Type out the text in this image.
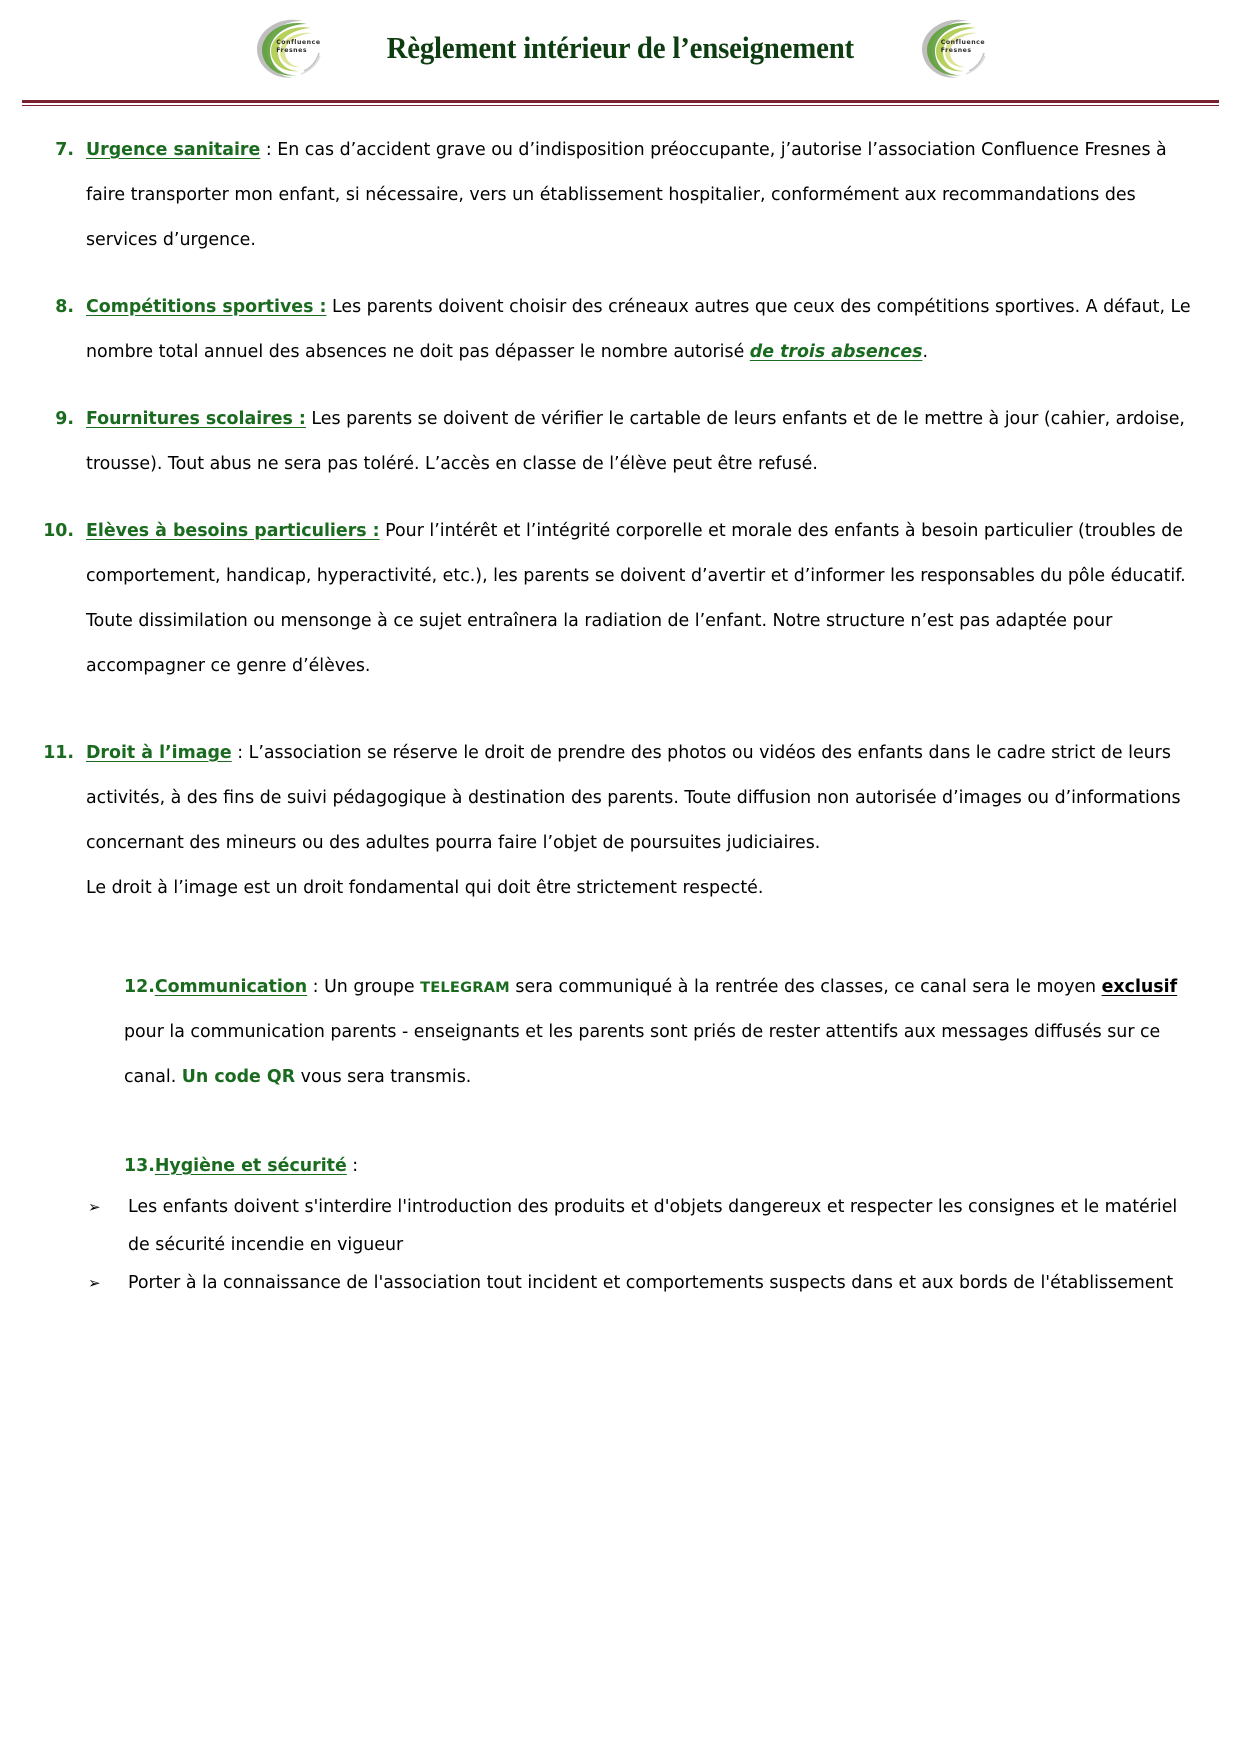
Confluence
Fresnes	Règlement intérieur de l’enseignement	Confluence
Fresnes
7. Urgence sanitaire : En cas d’accident grave ou d’indisposition préoccupante, j’autorise l’association Confluence Fresnes à faire transporter mon enfant, si nécessaire, vers un établissement hospitalier, conformément aux recommandations des services d’urgence.
8. Compétitions sportives : Les parents doivent choisir des créneaux autres que ceux des compétitions sportives. A défaut, Le nombre total annuel des absences ne doit pas dépasser le nombre autorisé de trois absences.
9. Fournitures scolaires : Les parents se doivent de vérifier le cartable de leurs enfants et de le mettre à jour (cahier, ardoise, trousse). Tout abus ne sera pas toléré. L’accès en classe de l’élève peut être refusé.
10. Elèves à besoins particuliers : Pour l’intérêt et l’intégrité corporelle et morale des enfants à besoin particulier (troubles de comportement, handicap, hyperactivité, etc.), les parents se doivent d’avertir et d’informer les responsables du pôle éducatif. Toute dissimilation ou mensonge à ce sujet entraînera la radiation de l’enfant. Notre structure n’est pas adaptée pour accompagner ce genre d’élèves.
11. Droit à l’image : L’association se réserve le droit de prendre des photos ou vidéos des enfants dans le cadre strict de leurs activités, à des fins de suivi pédagogique à destination des parents. Toute diffusion non autorisée d’images ou d’informations concernant des mineurs ou des adultes pourra faire l’objet de poursuites judiciaires.
Le droit à l’image est un droit fondamental qui doit être strictement respecté.
12.Communication : Un groupe TELEGRAM sera communiqué à la rentrée des classes, ce canal sera le moyen exclusif pour la communication parents - enseignants et les parents sont priés de rester attentifs aux messages diffusés sur ce canal. Un code QR vous sera transmis.
13.Hygiène et sécurité :
➢	Les enfants doivent s'interdire l'introduction des produits et d'objets dangereux et respecter les consignes et le matériel de sécurité incendie en vigueur
➢	Porter à la connaissance de l'association tout incident et comportements suspects dans et aux bords de l'établissement
